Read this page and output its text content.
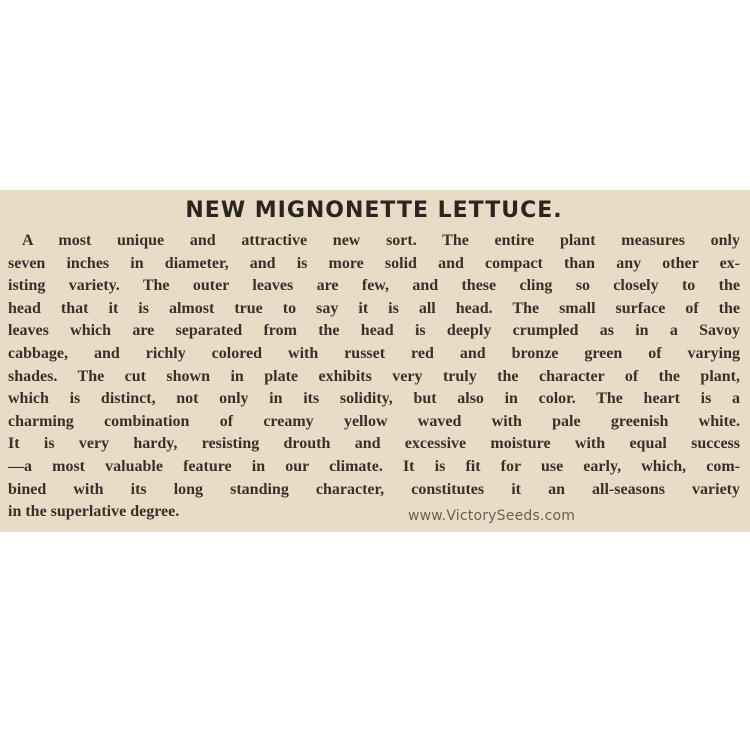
NEW MIGNONETTE LETTUCE.
A most unique and attractive new sort. The entire plant measures only
seven inches in diameter, and is more solid and compact than any other ex-
isting variety. The outer leaves are few, and these cling so closely to the
head that it is almost true to say it is all head. The small surface of the
leaves which are separated from the head is deeply crumpled as in a Savoy
cabbage, and richly colored with russet red and bronze green of varying
shades. The cut shown in plate exhibits very truly the character of the plant,
which is distinct, not only in its solidity, but also in color. The heart is a
charming combination of creamy yellow waved with pale greenish white.
It is very hardy, resisting drouth and excessive moisture with equal success
—a most valuable feature in our climate. It is fit for use early, which, com-
bined with its long standing character, constitutes it an all-seasons variety
in the superlative degree.	www.VictorySeeds.com
